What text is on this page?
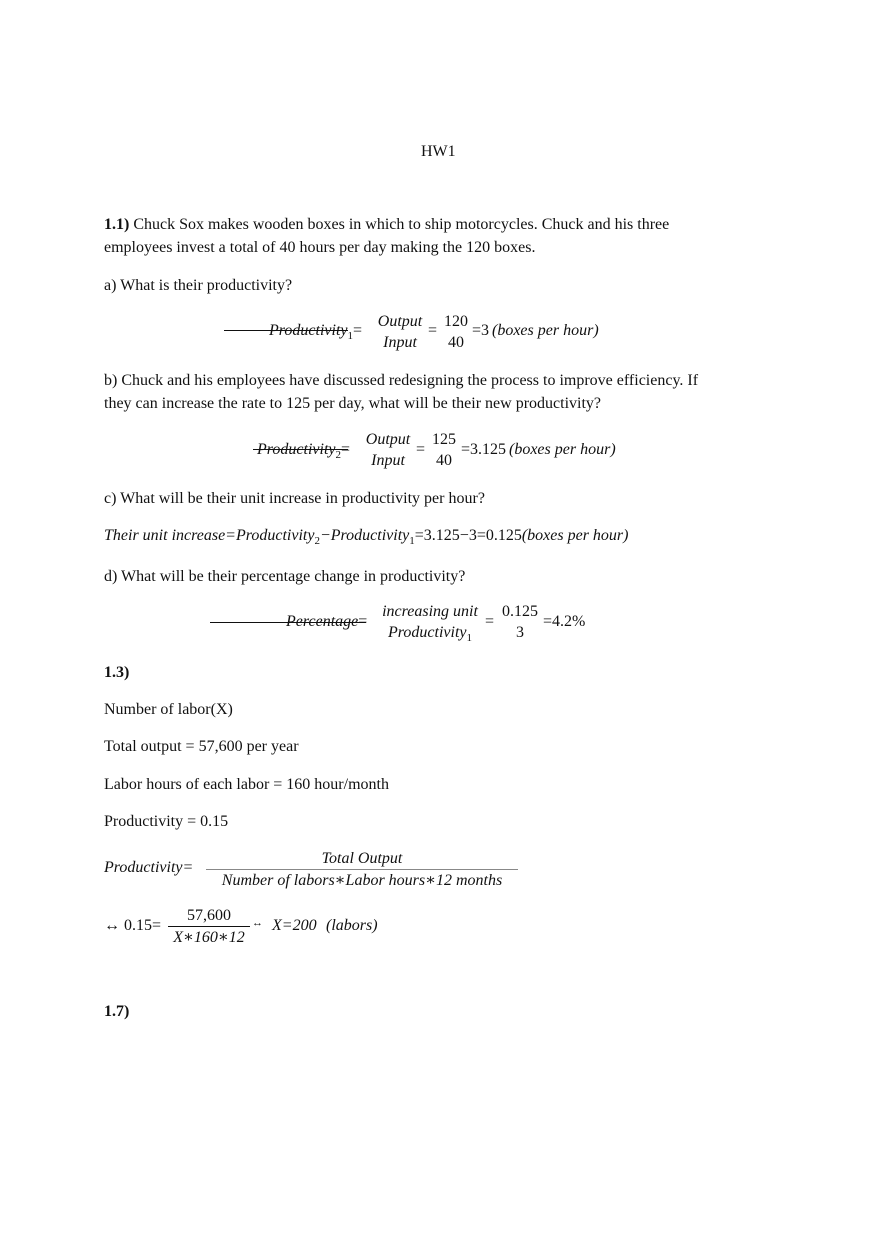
HW1
1.1) Chuck Sox makes wooden boxes in which to ship motorcycles. Chuck and his three
employees invest a total of 40 hours per day making the 120 boxes.
a) What is their productivity?
Productivity$_1$=
Output
Input
=
120
40
=3 (boxes per hour)
b) Chuck and his employees have discussed redesigning the process to improve efficiency. If
they can increase the rate to 125 per day, what will be their new productivity?
Productivity$_2$=
Output
Input
=
125
40
=3.125 (boxes per hour)
c) What will be their unit increase in productivity per hour?
Their unit increase=Productivity$_2$−Productivity$_1$=3.125−3=0.125(boxes per hour)
d) What will be their percentage change in productivity?
Percentage=
increasing unit
Productivity$_1$
=
0.125
3
=4.2%
1.3)
Number of labor(X)
Total output = 57,600 per year
Labor hours of each labor = 160 hour/month
Productivity = 0.15
Productivity=
Total Output
Number of labors∗Labor hours∗12 months
↔ $0.15= \frac{57,600}{X∗160∗12}$ ↔ X=200 (labors)
1.7)
